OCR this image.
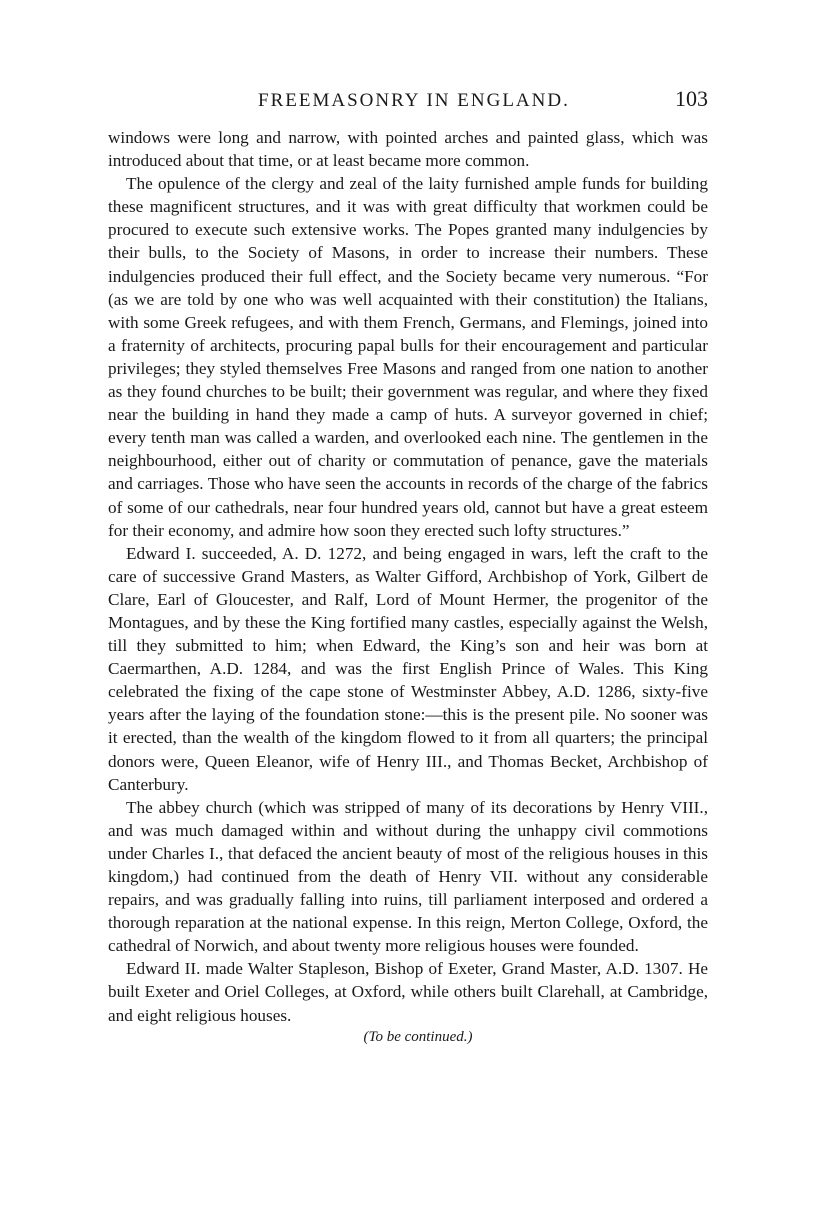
FREEMASONRY IN ENGLAND.	103

windows were long and narrow, with pointed arches and painted glass, which was introduced about that time, or at least became more common.

The opulence of the clergy and zeal of the laity furnished ample funds for building these magnificent structures, and it was with great difficulty that workmen could be procured to execute such extensive works. The Popes granted many indulgencies by their bulls, to the Society of Masons, in order to increase their numbers. These indulgencies produced their full effect, and the Society became very numerous. “For (as we are told by one who was well acquainted with their constitution) the Italians, with some Greek refugees, and with them French, Germans, and Flemings, joined into a fraternity of architects, procuring papal bulls for their encouragement and particular privileges; they styled themselves Free Masons and ranged from one nation to another as they found churches to be built; their government was regular, and where they fixed near the building in hand they made a camp of huts. A surveyor governed in chief; every tenth man was called a warden, and overlooked each nine. The gentlemen in the neighbourhood, either out of charity or commutation of penance, gave the materials and carriages. Those who have seen the accounts in records of the charge of the fabrics of some of our cathedrals, near four hundred years old, cannot but have a great esteem for their economy, and admire how soon they erected such lofty structures.”

Edward I. succeeded, A. D. 1272, and being engaged in wars, left the craft to the care of successive Grand Masters, as Walter Gifford, Archbishop of York, Gilbert de Clare, Earl of Gloucester, and Ralf, Lord of Mount Hermer, the progenitor of the Montagues, and by these the King fortified many castles, especially against the Welsh, till they submitted to him; when Edward, the King’s son and heir was born at Caermarthen, A.D. 1284, and was the first English Prince of Wales. This King celebrated the fixing of the cape stone of Westminster Abbey, A.D. 1286, sixty-five years after the laying of the foundation stone:—this is the present pile. No sooner was it erected, than the wealth of the kingdom flowed to it from all quarters; the principal donors were, Queen Eleanor, wife of Henry III., and Thomas Becket, Archbishop of Canterbury.

The abbey church (which was stripped of many of its decorations by Henry VIII., and was much damaged within and without during the unhappy civil commotions under Charles I., that defaced the ancient beauty of most of the religious houses in this kingdom,) had continued from the death of Henry VII. without any considerable repairs, and was gradually falling into ruins, till parliament interposed and ordered a thorough reparation at the national expense. In this reign, Merton College, Oxford, the cathedral of Norwich, and about twenty more religious houses were founded.

Edward II. made Walter Stapleson, Bishop of Exeter, Grand Master, A.D. 1307. He built Exeter and Oriel Colleges, at Oxford, while others built Clarehall, at Cambridge, and eight religious houses.

(To be continued.)
